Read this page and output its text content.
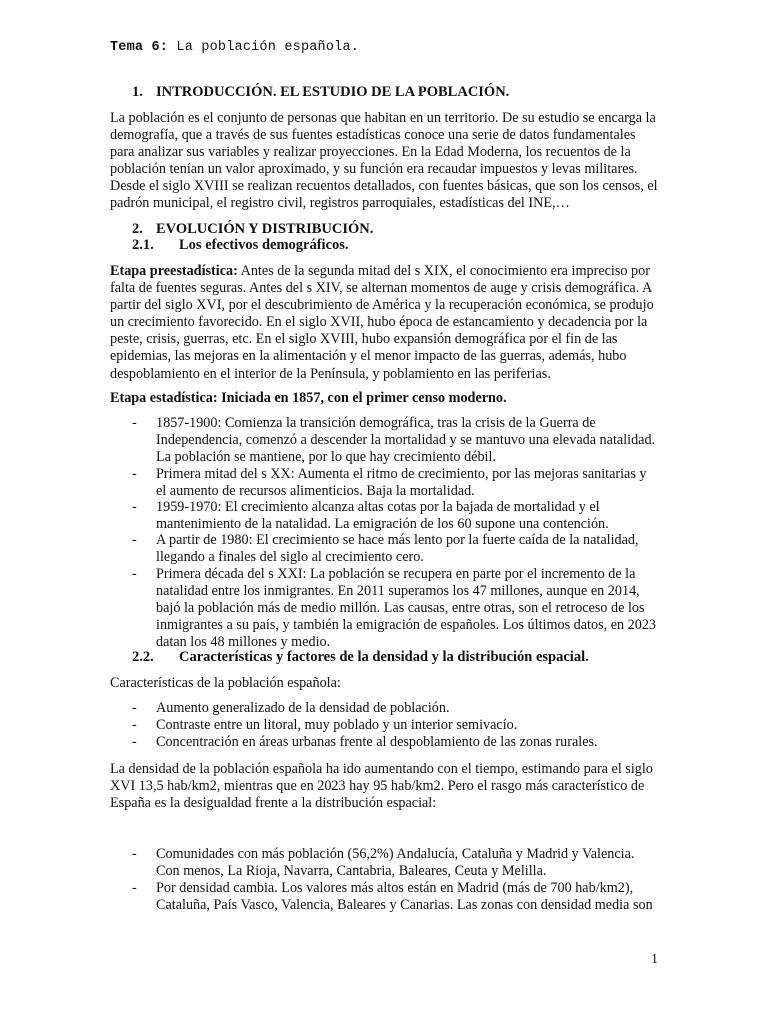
Tema 6: La población española.
1. INTRODUCCIÓN. EL ESTUDIO DE LA POBLACIÓN.
La población es el conjunto de personas que habitan en un territorio. De su estudio se encarga la demografía, que a través de sus fuentes estadísticas conoce una serie de datos fundamentales para analizar sus variables y realizar proyecciones. En la Edad Moderna, los recuentos de la población tenían un valor aproximado, y su función era recaudar impuestos y levas militares. Desde el siglo XVIII se realizan recuentos detallados, con fuentes básicas, que son los censos, el padrón municipal, el registro civil, registros parroquiales, estadísticas del INE,…
2. EVOLUCIÓN Y DISTRIBUCIÓN.
2.1. Los efectivos demográficos.
Etapa preestadística: Antes de la segunda mitad del s XIX, el conocimiento era impreciso por falta de fuentes seguras. Antes del s XIV, se alternan momentos de auge y crisis demográfica. A partir del siglo XVI, por el descubrimiento de América y la recuperación económica, se produjo un crecimiento favorecido. En el siglo XVII, hubo época de estancamiento y decadencia por la peste, crisis, guerras, etc. En el siglo XVIII, hubo expansión demográfica por el fin de las epidemias, las mejoras en la alimentación y el menor impacto de las guerras, además, hubo despoblamiento en el interior de la Península, y poblamiento en las periferias.
Etapa estadística: Iniciada en 1857, con el primer censo moderno.
- 1857-1900: Comienza la transición demográfica, tras la crisis de la Guerra de Independencia, comenzó a descender la mortalidad y se mantuvo una elevada natalidad. La población se mantiene, por lo que hay crecimiento débil.
- Primera mitad del s XX: Aumenta el ritmo de crecimiento, por las mejoras sanitarias y el aumento de recursos alimenticios. Baja la mortalidad.
- 1959-1970: El crecimiento alcanza altas cotas por la bajada de mortalidad y el mantenimiento de la natalidad. La emigración de los 60 supone una contención.
- A partir de 1980: El crecimiento se hace más lento por la fuerte caída de la natalidad, llegando a finales del siglo al crecimiento cero.
- Primera década del s XXI: La población se recupera en parte por el incremento de la natalidad entre los inmigrantes. En 2011 superamos los 47 millones, aunque en 2014, bajó la población más de medio millón. Las causas, entre otras, son el retroceso de los inmigrantes a su país, y también la emigración de españoles. Los últimos datos, en 2023 datan los 48 millones y medio.
2.2. Características y factores de la densidad y la distribución espacial.
Características de la población española:
- Aumento generalizado de la densidad de población.
- Contraste entre un litoral, muy poblado y un interior semivacío.
- Concentración en áreas urbanas frente al despoblamiento de las zonas rurales.
La densidad de la población española ha ido aumentando con el tiempo, estimando para el siglo XVI 13,5 hab/km2, mientras que en 2023 hay 95 hab/km2. Pero el rasgo más característico de España es la desigualdad frente a la distribución espacial:
- Comunidades con más población (56,2%) Andalucía, Cataluña y Madrid y Valencia. Con menos, La Rioja, Navarra, Cantabria, Baleares, Ceuta y Melilla.
- Por densidad cambia. Los valores más altos están en Madrid (más de 700 hab/km2), Cataluña, País Vasco, Valencia, Baleares y Canarias. Las zonas con densidad media son
1
